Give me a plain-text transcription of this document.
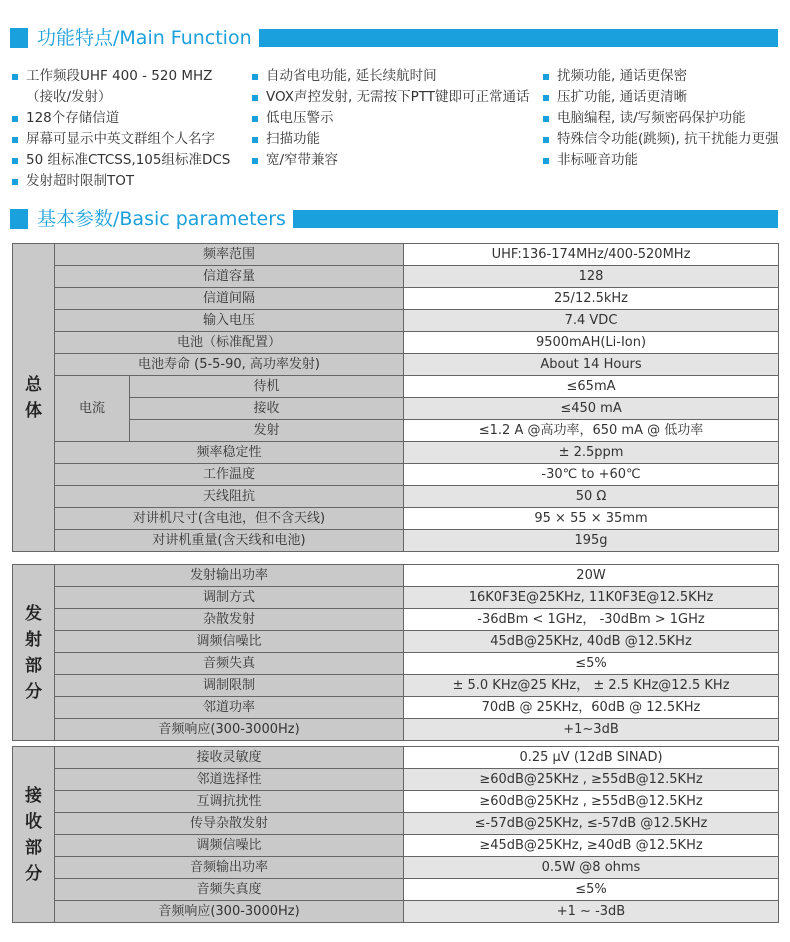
功能特点/Main Function
工作频段UHF 400 - 520 MHZ
（接收/发射）
128个存储信道
屏幕可显示中英文群组个人名字
50 组标准CTCSS,105组标准DCS
发射超时限制TOT
自动省电功能, 延长续航时间
VOX声控发射, 无需按下PTT键即可正常通话
低电压警示
扫描功能
宽/窄带兼容
扰频功能, 通话更保密
压扩功能, 通话更清晰
电脑编程, 读/写频密码保护功能
特殊信令功能(跳频), 抗干扰能力更强
非标哑音功能
基本参数/Basic parameters
总
体	频率范围		UHF:136-174MHz/400-520MHz
	信道容量		128
	信道间隔		25/12.5kHz
	输入电压		7.4 VDC
	电池（标准配置）		9500mAH(Li-Ion)
	电池寿命 (5-5-90, 高功率发射)		About 14 Hours
	电流	待机	≤65mA
		接收	≤450 mA
		发射	≤1.2 A @高功率，650 mA @ 低功率
	频率稳定性		± 2.5ppm
	工作温度		-30℃ to +60℃
	天线阻抗		50 Ω
	对讲机尺寸(含电池，但不含天线)		95 × 55 × 35mm
	对讲机重量(含天线和电池)		195g
发
射
部
分	发射输出功率	20W
	调制方式	16K0F3E@25KHz, 11K0F3E@12.5KHz
	杂散发射	-36dBm < 1GHz， -30dBm > 1GHz
	调频信噪比	45dB@25KHz, 40dB @12.5KHz
	音频失真	≤5%
	调制限制	± 5.0 KHz@25 KHz， ± 2.5 KHz@12.5 KHz
	邻道功率	70dB @ 25KHz，60dB @ 12.5KHz
	音频响应(300-3000Hz)	+1~3dB
接
收
部
分	接收灵敏度	0.25 μV (12dB SINAD)
	邻道选择性	≥60dB@25KHz , ≥55dB@12.5KHz
	互调抗扰性	≥60dB@25KHz , ≥55dB@12.5KHz
	传导杂散发射	≤-57dB@25KHz, ≤-57dB @12.5KHz
	调频信噪比	≥45dB@25KHz, ≥40dB @12.5KHz
	音频输出功率	0.5W @8 ohms
	音频失真度	≤5%
	音频响应(300-3000Hz)	+1 ~ -3dB
